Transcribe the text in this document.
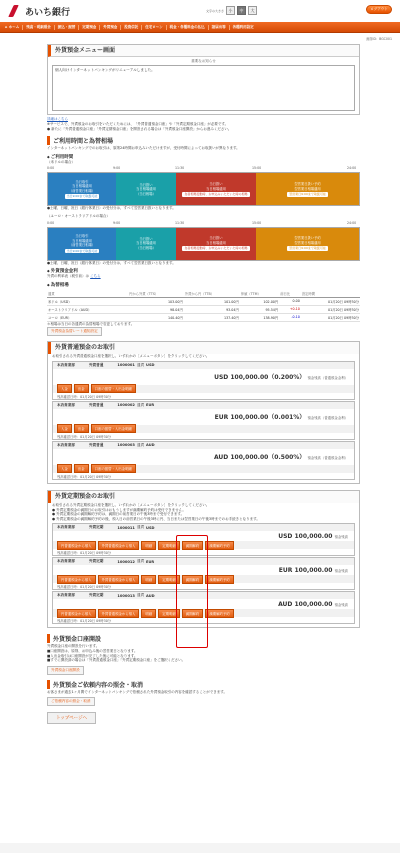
あいち銀行	文字の大きさ	小	中	大	ログアウト
⌂ ホーム	残高・明細照会	振込・振替	定期預金	外貨預金	投資信託	住宅ローン	税金・各種料金の払込	諸届出等	各種利用設定
画面ID：BGC001
外貨預金メニュー画面
重要なお知らせ
個人向けインターネットバンキングがリニューアルしました。
詳細はこちら
※サービスで、外貨預金のお取引をいただくためには、「外貨普通預金口座」や「外貨定期預金口座」が必要です。
● 新たに「外貨普通預金口座」「外貨定期預金口座」を開設される場合は「外貨預金口座開設」からお進みください。
ご利用時間と為替相場
インターネットバンキングでのお取引は、原則24時間お申込みいただけますが、受付時間によってお取扱いが異なります。
◆ ご利用時間
（米ドルの場合）
0:00	9:00	11:30	15:00	24:00
当日取引
当日相場適用
（前営業日相場）
当日9:00まで取扱可能
当日扱い
当日相場適用
（当日相場）
当日扱い
当日相場適用
為替相場変動時、お申込みいただいた時の相場
翌営業日扱い予約
翌営業日相場適用
翌営業日9:00まで取扱可能
●土曜、日曜、祝日（銀行休業日）の受付分は、すべて翌営業日扱いとなります。
（ユーロ・オーストラリアドルの場合）
0:00	9:00	11:30	15:00	24:00
当日取引
当日相場適用
（前営業日相場）
当日9:00まで取扱可能
当日扱い
当日相場適用
（当日相場）
当日扱い
当日相場適用
為替相場変動時、お申込みいただいた時の相場
翌営業日扱い予約
翌営業日相場適用
翌営業日9:00まで取扱可能
●土曜、日曜、祝日（銀行休業日）の受付分は、すべて翌営業日扱いとなります。
◆ 外貨預金金利
外貨の利率表（税引前）は こちら
◆ 為替相場
通貨	円から外貨（TTS）	外貨から円（TTB）	仲値（TTM）	前日比	設定時間
米ドル（USD）	103.00円	101.00円	102.00円	0.00	01月20日 09時30分
オーストラリアドル（AUD）	98.04円	93.04円	95.54円	+0.10	01月20日 09時30分
ユーロ（EUR）	140.40円	137.40円	138.90円	-0.10	01月20日 09時30分
＊相場は当日の各通貨の為替相場で変更しております。
外貨預金為替レート通知設定
外貨普通預金のお取引
お取引される外貨普通預金口座を選択し、いずれかの［メニューボタン］をクリックしてください。
本店営業部	外貨普通	1000001 通貨 USD
USD 100,000.00（0.200%） 預金残高（普通預金金利）
入金	出金	口座の振替・入出金明細
残高確認日時：01月20日 09時30分
本店営業部	外貨普通	1000002 通貨 EUR
EUR 100,000.00（0.001%） 預金残高（普通預金金利）
入金	出金	口座の振替・入出金明細
残高確認日時：01月20日 09時30分
本店営業部	外貨普通	1000003 通貨 AUD
AUD 100,000.00（0.500%） 預金残高（普通預金金利）
入金	出金	口座の振替・入出金明細
残高確認日時：01月20日 09時30分
外貨定期預金のお取引
お取引される外貨定期預金口座を選択し、いずれかの［メニューボタン］をクリックしてください。
● 外貨定期預金の満期日のお取引はおもうしますが満期解約予約は受付できません。
● 外貨定期預金の満期解約予約は、満期日の前営業日の午後3時まで受付できます。
● 外貨定期預金の満期解約予約の後、預入日の前営業日の午後3時に円、当日または翌営業日の午後3時までのお手続きとなります。
本店営業部	外貨定期	1000011 通貨 USD
USD 100,000.00 預金残高
円普通預金から預入	外貨普通預金から預入	明細	定期明細	満期解約	満期解約予約
残高確認日時：01月20日 09時30分
本店営業部	外貨定期	1000012 通貨 EUR
EUR 100,000.00 預金残高
円普通預金から預入	外貨普通預金から預入	明細	定期明細	満期解約	満期解約予約
残高確認日時：01月20日 09時30分
本店営業部	外貨定期	1000013 通貨 AUD
AUD 100,000.00 預金残高
円普通預金から預入	外貨普通預金から預入	明細	定期明細	満期解約	満期解約予約
残高確認日時：01月20日 09時30分
外貨預金口座開設
外貨預金口座の開設を行います。
■口座開設は、原則、お申込み後の翌営業日となります。
■入出金取引は口座開設が完了した後に可能となります。
■すでに開設済の場合は「外貨普通預金口座」「外貨定期預金口座」をご選択ください。
外貨預金口座開設
外貨預金ご依頼内容の照会・取消
お客さまが過去1ヶ月間でインターネットバンキングで依頼された外貨預金取引の内容を確認することができます。
ご依頼内容の照会・取消
トップページへ
